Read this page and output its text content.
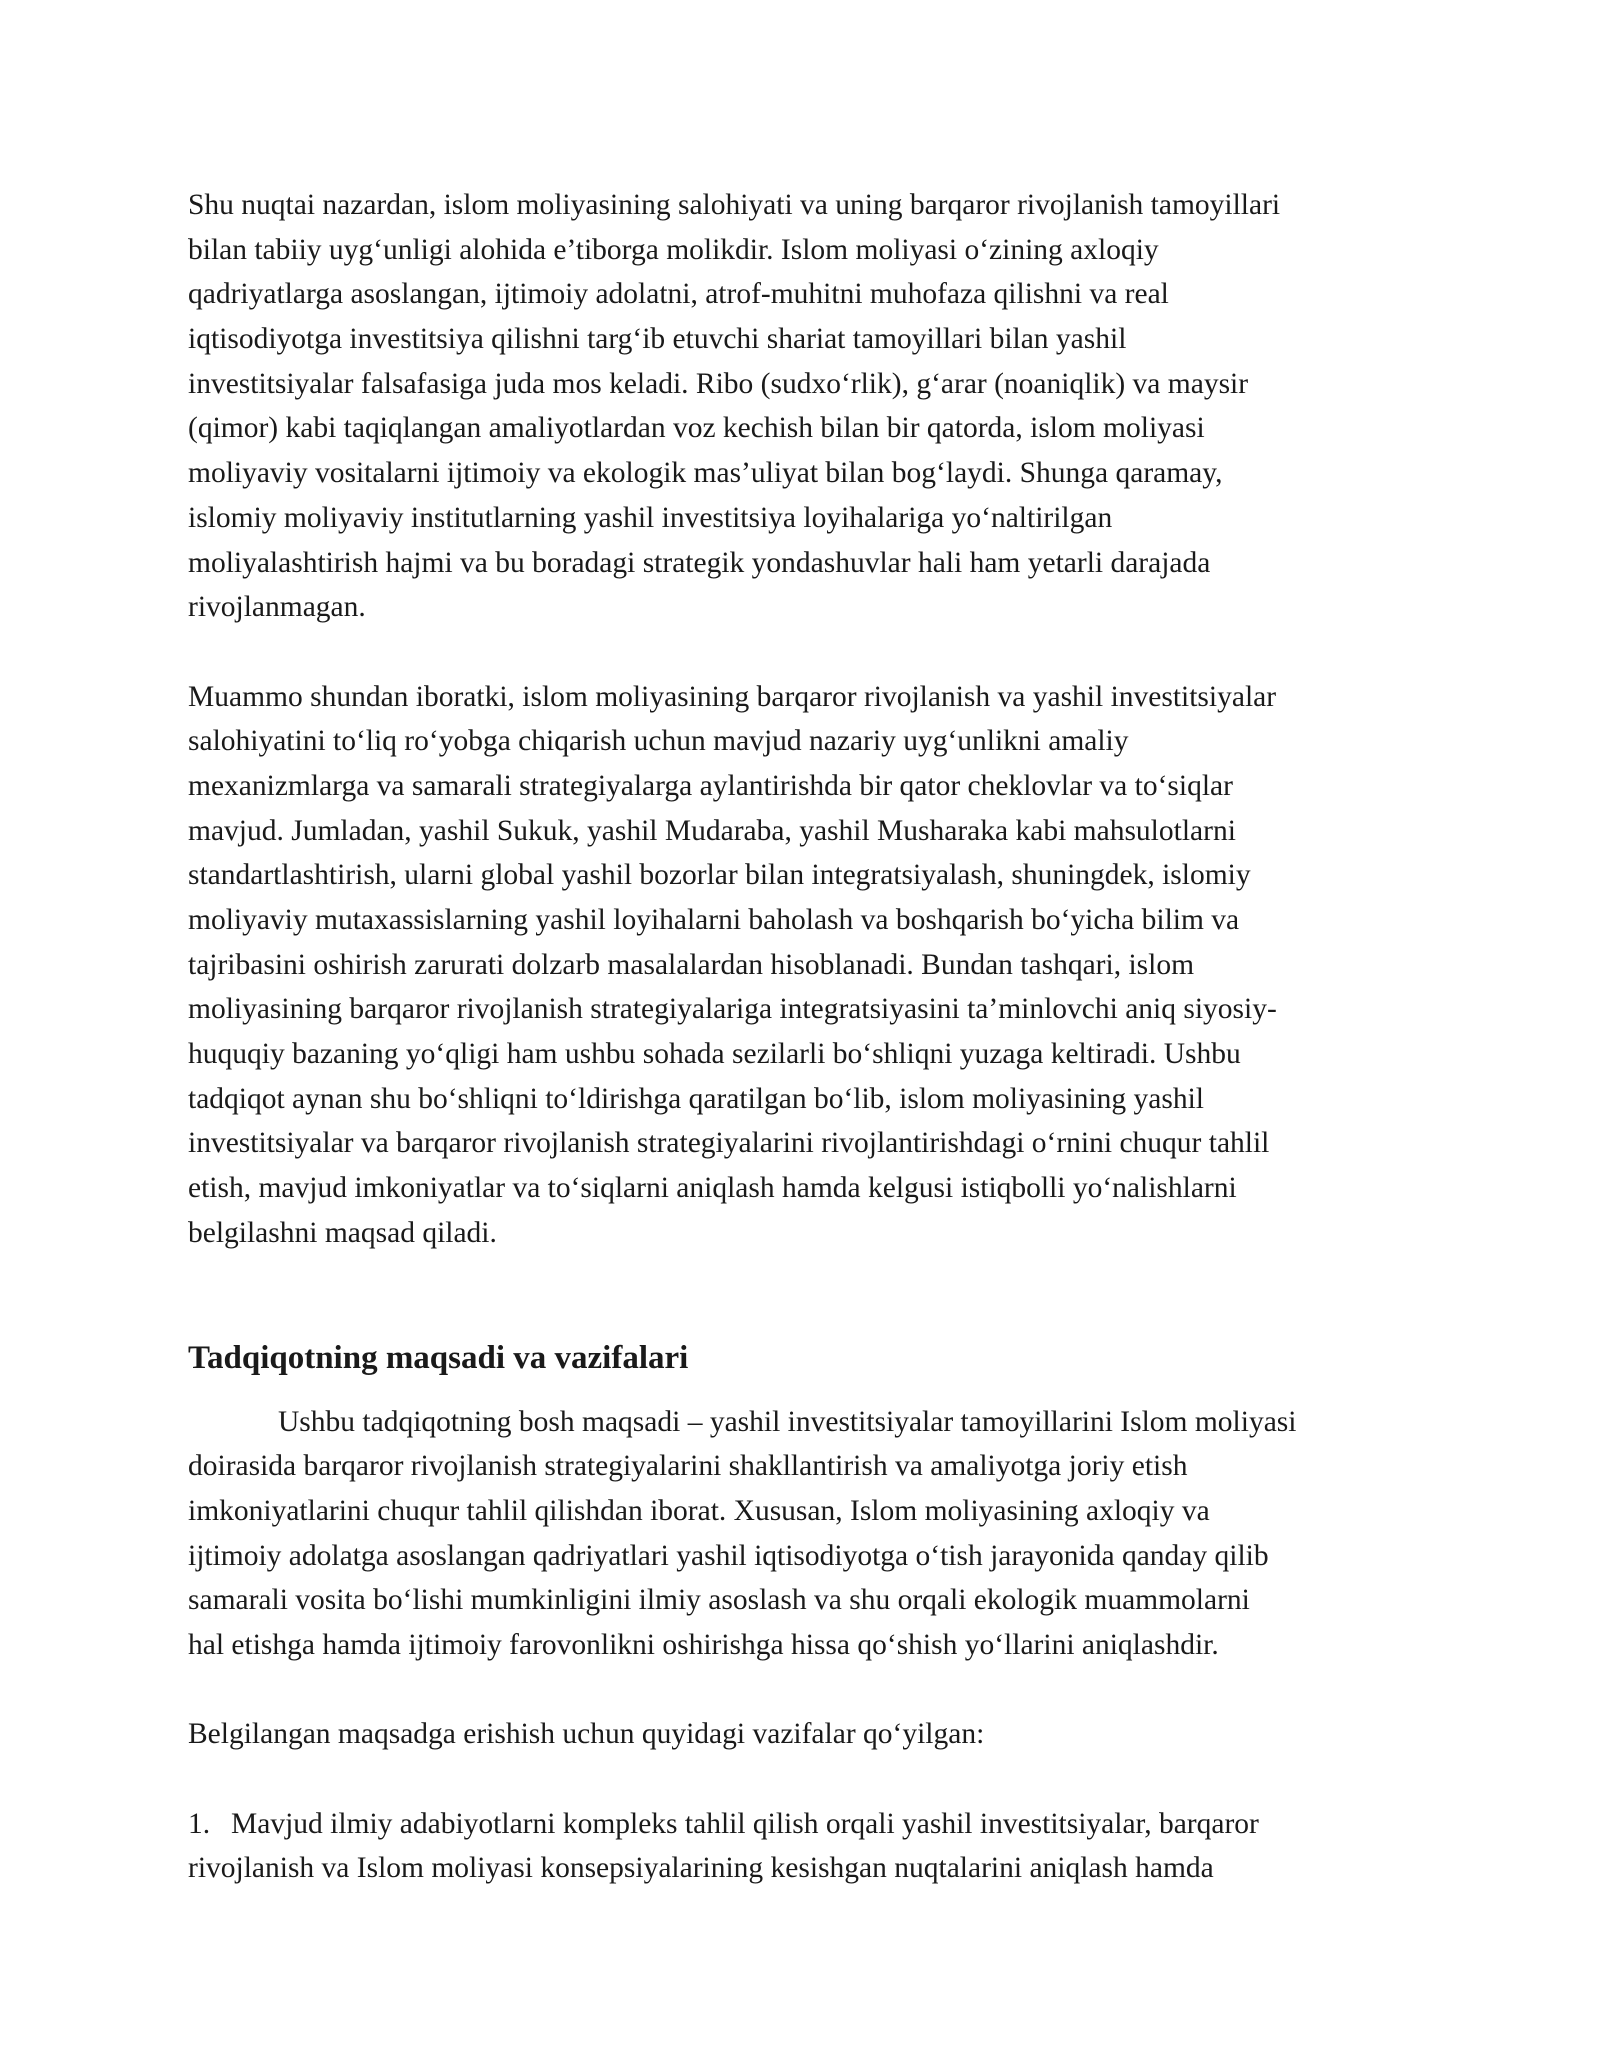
Shu nuqtai nazardan, islom moliyasining salohiyati va uning barqaror rivojlanish tamoyillari
bilan tabiiy uyg‘unligi alohida e’tiborga molikdir. Islom moliyasi o‘zining axloqiy
qadriyatlarga asoslangan, ijtimoiy adolatni, atrof-muhitni muhofaza qilishni va real
iqtisodiyotga investitsiya qilishni targ‘ib etuvchi shariat tamoyillari bilan yashil
investitsiyalar falsafasiga juda mos keladi. Ribo (sudxo‘rlik), g‘arar (noaniqlik) va maysir
(qimor) kabi taqiqlangan amaliyotlardan voz kechish bilan bir qatorda, islom moliyasi
moliyaviy vositalarni ijtimoiy va ekologik mas’uliyat bilan bog‘laydi. Shunga qaramay,
islomiy moliyaviy institutlarning yashil investitsiya loyihalariga yo‘naltirilgan
moliyalashtirish hajmi va bu boradagi strategik yondashuvlar hali ham yetarli darajada
rivojlanmagan.

Muammo shundan iboratki, islom moliyasining barqaror rivojlanish va yashil investitsiyalar
salohiyatini to‘liq ro‘yobga chiqarish uchun mavjud nazariy uyg‘unlikni amaliy
mexanizmlarga va samarali strategiyalarga aylantirishda bir qator cheklovlar va to‘siqlar
mavjud. Jumladan, yashil Sukuk, yashil Mudaraba, yashil Musharaka kabi mahsulotlarni
standartlashtirish, ularni global yashil bozorlar bilan integratsiyalash, shuningdek, islomiy
moliyaviy mutaxassislarning yashil loyihalarni baholash va boshqarish bo‘yicha bilim va
tajribasini oshirish zarurati dolzarb masalalardan hisoblanadi. Bundan tashqari, islom
moliyasining barqaror rivojlanish strategiyalariga integratsiyasini ta’minlovchi aniq siyosiy-
huquqiy bazaning yo‘qligi ham ushbu sohada sezilarli bo‘shliqni yuzaga keltiradi. Ushbu
tadqiqot aynan shu bo‘shliqni to‘ldirishga qaratilgan bo‘lib, islom moliyasining yashil
investitsiyalar va barqaror rivojlanish strategiyalarini rivojlantirishdagi o‘rnini chuqur tahlil
etish, mavjud imkoniyatlar va to‘siqlarni aniqlash hamda kelgusi istiqbolli yo‘nalishlarni
belgilashni maqsad qiladi.

Tadqiqotning maqsadi va vazifalari

Ushbu tadqiqotning bosh maqsadi – yashil investitsiyalar tamoyillarini Islom moliyasi
doirasida barqaror rivojlanish strategiyalarini shakllantirish va amaliyotga joriy etish
imkoniyatlarini chuqur tahlil qilishdan iborat. Xususan, Islom moliyasining axloqiy va
ijtimoiy adolatga asoslangan qadriyatlari yashil iqtisodiyotga o‘tish jarayonida qanday qilib
samarali vosita bo‘lishi mumkinligini ilmiy asoslash va shu orqali ekologik muammolarni
hal etishga hamda ijtimoiy farovonlikni oshirishga hissa qo‘shish yo‘llarini aniqlashdir.

Belgilangan maqsadga erishish uchun quyidagi vazifalar qo‘yilgan:

1. Mavjud ilmiy adabiyotlarni kompleks tahlil qilish orqali yashil investitsiyalar, barqaror
rivojlanish va Islom moliyasi konsepsiyalarining kesishgan nuqtalarini aniqlash hamda
